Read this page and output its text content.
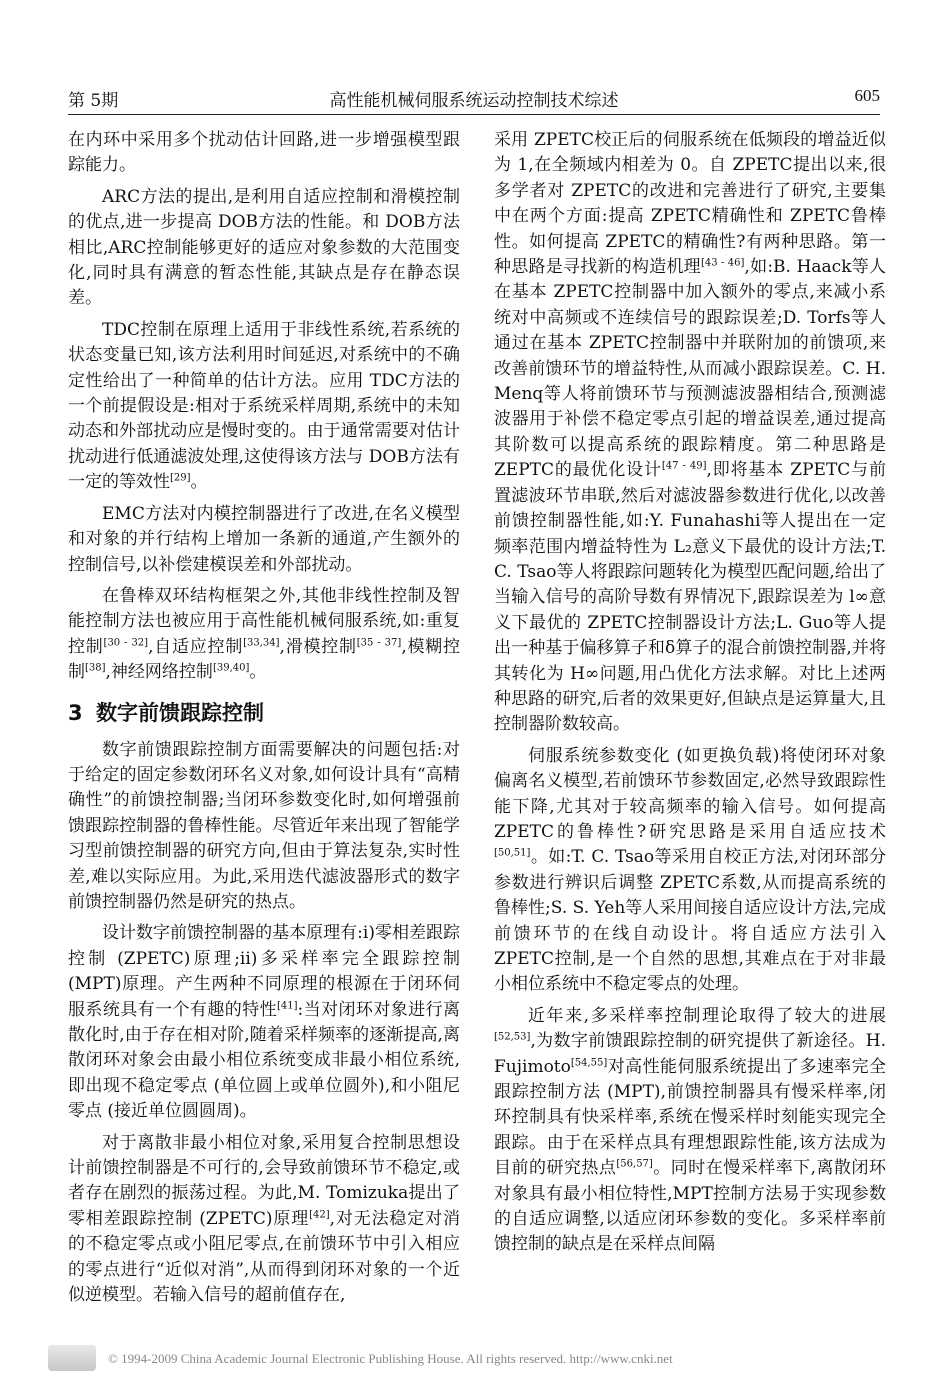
第 5期	高性能机械伺服系统运动控制技术综述	605

在内环中采用多个扰动估计回路,进一步增强模型跟踪能力。

ARC方法的提出,是利用自适应控制和滑模控制的优点,进一步提高 DOB方法的性能。和 DOB方法相比,ARC控制能够更好的适应对象参数的大范围变化,同时具有满意的暂态性能,其缺点是存在静态误差。

TDC控制在原理上适用于非线性系统,若系统的状态变量已知,该方法利用时间延迟,对系统中的不确定性给出了一种简单的估计方法。应用 TDC方法的一个前提假设是:相对于系统采样周期,系统中的未知动态和外部扰动应是慢时变的。由于通常需要对估计扰动进行低通滤波处理,这使得该方法与 DOB方法有一定的等效性[29]。

EMC方法对内模控制器进行了改进,在名义模型和对象的并行结构上增加一条新的通道,产生额外的控制信号,以补偿建模误差和外部扰动。

在鲁棒双环结构框架之外,其他非线性控制及智能控制方法也被应用于高性能机械伺服系统,如:重复控制[30 - 32],自适应控制[33,34],滑模控制[35 - 37],模糊控制[38],神经网络控制[39,40]。

3 数字前馈跟踪控制

数字前馈跟踪控制方面需要解决的问题包括:对于给定的固定参数闭环名义对象,如何设计具有“高精确性”的前馈控制器;当闭环参数变化时,如何增强前馈跟踪控制器的鲁棒性能。尽管近年来出现了智能学习型前馈控制器的研究方向,但由于算法复杂,实时性差,难以实际应用。为此,采用迭代滤波器形式的数字前馈控制器仍然是研究的热点。

设计数字前馈控制器的基本原理有:i)零相差跟踪控制 (ZPETC)原理;ii)多采样率完全跟踪控制 (MPT)原理。产生两种不同原理的根源在于闭环伺服系统具有一个有趣的特性[41]:当对闭环对象进行离散化时,由于存在相对阶,随着采样频率的逐渐提高,离散闭环对象会由最小相位系统变成非最小相位系统,即出现不稳定零点 (单位圆上或单位圆外),和小阻尼零点 (接近单位圆圆周)。

对于离散非最小相位对象,采用复合控制思想设计前馈控制器是不可行的,会导致前馈环节不稳定,或者存在剧烈的振荡过程。为此,M. Tomizuka提出了零相差跟踪控制 (ZPETC)原理[42],对无法稳定对消的不稳定零点或小阻尼零点,在前馈环节中引入相应的零点进行“近似对消”,从而得到闭环对象的一个近似逆模型。若输入信号的超前值存在,

采用 ZPETC校正后的伺服系统在低频段的增益近似为 1,在全频域内相差为 0。自 ZPETC提出以来,很多学者对 ZPETC的改进和完善进行了研究,主要集中在两个方面:提高 ZPETC精确性和 ZPETC鲁棒性。如何提高 ZPETC的精确性?有两种思路。第一种思路是寻找新的构造机理[43 - 46],如:B. Haack等人在基本 ZPETC控制器中加入额外的零点,来减小系统对中高频或不连续信号的跟踪误差;D. Torfs等人通过在基本 ZPETC控制器中并联附加的前馈项,来改善前馈环节的增益特性,从而减小跟踪误差。C. H. Menq等人将前馈环节与预测滤波器相结合,预测滤波器用于补偿不稳定零点引起的增益误差,通过提高其阶数可以提高系统的跟踪精度。第二种思路是 ZEPTC的最优化设计[47 - 49],即将基本 ZPETC与前置滤波环节串联,然后对滤波器参数进行优化,以改善前馈控制器性能,如:Y. Funahashi等人提出在一定频率范围内增益特性为 L₂意义下最优的设计方法;T. C. Tsao等人将跟踪问题转化为模型匹配问题,给出了当输入信号的高阶导数有界情况下,跟踪误差为 l∞意义下最优的 ZPETC控制器设计方法;L. Guo等人提出一种基于偏移算子和δ算子的混合前馈控制器,并将其转化为 H∞问题,用凸优化方法求解。对比上述两种思路的研究,后者的效果更好,但缺点是运算量大,且控制器阶数较高。

伺服系统参数变化 (如更换负载)将使闭环对象偏离名义模型,若前馈环节参数固定,必然导致跟踪性能下降,尤其对于较高频率的输入信号。如何提高 ZPETC的鲁棒性?研究思路是采用自适应技术[50,51]。如:T. C. Tsao等采用自校正方法,对闭环部分参数进行辨识后调整 ZPETC系数,从而提高系统的鲁棒性;S. S. Yeh等人采用间接自适应设计方法,完成前馈环节的在线自动设计。将自适应方法引入 ZPETC控制,是一个自然的思想,其难点在于对非最小相位系统中不稳定零点的处理。

近年来,多采样率控制理论取得了较大的进展[52,53],为数字前馈跟踪控制的研究提供了新途径。H. Fujimoto[54,55]对高性能伺服系统提出了多速率完全跟踪控制方法 (MPT),前馈控制器具有慢采样率,闭环控制具有快采样率,系统在慢采样时刻能实现完全跟踪。由于在采样点具有理想跟踪性能,该方法成为目前的研究热点[56,57]。同时在慢采样率下,离散闭环对象具有最小相位特性,MPT控制方法易于实现参数的自适应调整,以适应闭环参数的变化。多采样率前馈控制的缺点是在采样点间隔

© 1994-2009 China Academic Journal Electronic Publishing House. All rights reserved. http://www.cnki.net
